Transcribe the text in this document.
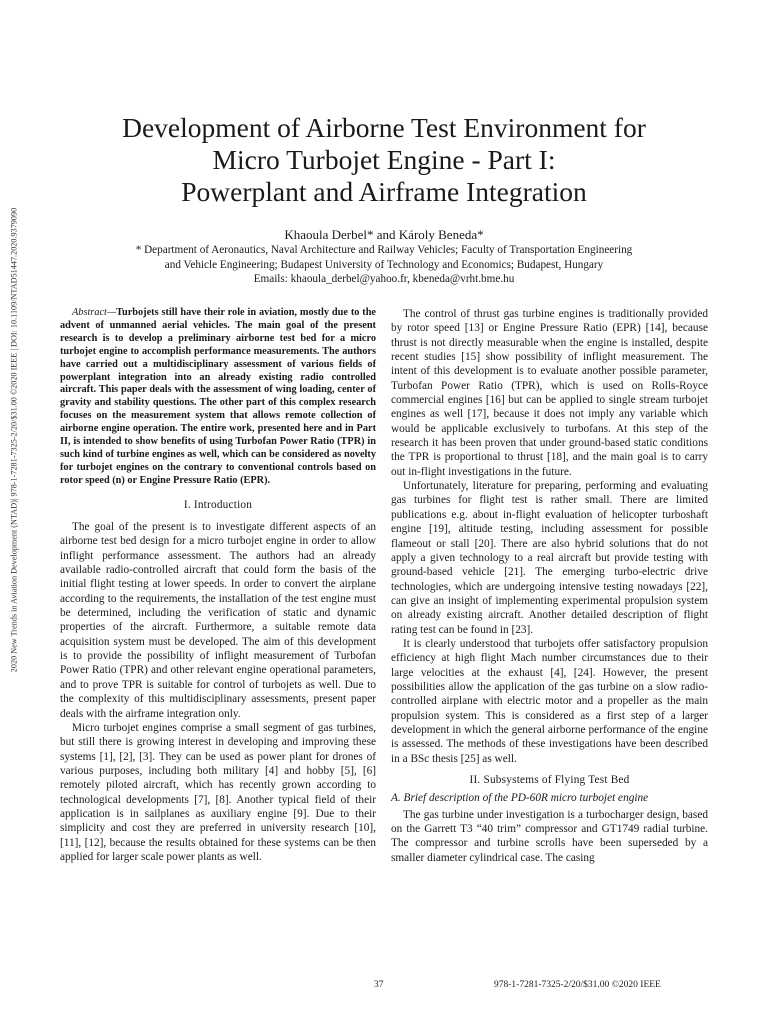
2020 New Trends in Aviation Development (NTAD)| 978-1-7281-7325-2/20/$31.00 ©2020 IEEE | DOI: 10.1109/NTAD51447.2020.9379090
Development of Airborne Test Environment for
Micro Turbojet Engine - Part I:
Powerplant and Airframe Integration
Khaoula Derbel* and Károly Beneda*
* Department of Aeronautics, Naval Architecture and Railway Vehicles; Faculty of Transportation Engineering
and Vehicle Engineering; Budapest University of Technology and Economics; Budapest, Hungary
Emails: khaoula_derbel@yahoo.fr, kbeneda@vrht.bme.hu

Abstract—Turbojets still have their role in aviation, mostly due to the advent of unmanned aerial vehicles. The main goal of the present research is to develop a preliminary airborne test bed for a micro turbojet engine to accomplish performance measurements. The authors have carried out a multidisciplinary assessment of various fields of powerplant integration into an already existing radio controlled aircraft. This paper deals with the assessment of wing loading, center of gravity and stability questions. The other part of this complex research focuses on the measurement system that allows remote collection of airborne engine operation. The entire work, presented here and in Part II, is intended to show benefits of using Turbofan Power Ratio (TPR) in such kind of turbine engines as well, which can be considered as novelty for turbojet engines on the contrary to conventional controls based on rotor speed (n) or Engine Pressure Ratio (EPR).

I. Introduction

The goal of the present is to investigate different aspects of an airborne test bed design for a micro turbojet engine in order to allow inflight performance assessment. The authors had an already available radio-controlled aircraft that could form the basis of the initial flight testing at lower speeds. In order to convert the airplane according to the requirements, the installation of the test engine must be determined, including the verification of static and dynamic properties of the aircraft. Furthermore, a suitable remote data acquisition system must be developed. The aim of this development is to provide the possibility of inflight measurement of Turbofan Power Ratio (TPR) and other relevant engine operational parameters, and to prove TPR is suitable for control of turbojets as well. Due to the complexity of this multidisciplinary assessments, present paper deals with the airframe integration only.

Micro turbojet engines comprise a small segment of gas turbines, but still there is growing interest in developing and improving these systems [1], [2], [3]. They can be used as power plant for drones of various purposes, including both military [4] and hobby [5], [6] remotely piloted aircraft, which has recently grown according to technological developments [7], [8]. Another typical field of their application is in sailplanes as auxiliary engine [9]. Due to their simplicity and cost they are preferred in university research [10], [11], [12], because the results obtained for these systems can be then applied for larger scale power plants as well.

The control of thrust gas turbine engines is traditionally provided by rotor speed [13] or Engine Pressure Ratio (EPR) [14], because thrust is not directly measurable when the engine is installed, despite recent studies [15] show possibility of inflight measurement. The intent of this development is to evaluate another possible parameter, Turbofan Power Ratio (TPR), which is used on Rolls-Royce commercial engines [16] but can be applied to single stream turbojet engines as well [17], because it does not imply any variable which would be applicable exclusively to turbofans. At this step of the research it has been proven that under ground-based static conditions the TPR is proportional to thrust [18], and the main goal is to carry out in-flight investigations in the future.

Unfortunately, literature for preparing, performing and evaluating gas turbines for flight test is rather small. There are limited publications e.g. about in-flight evaluation of helicopter turboshaft engine [19], altitude testing, including assessment for possible flameout or stall [20]. There are also hybrid solutions that do not apply a given technology to a real aircraft but provide testing with ground-based vehicle [21]. The emerging turbo-electric drive technologies, which are undergoing intensive testing nowadays [22], can give an insight of implementing experimental propulsion system on already existing aircraft. Another detailed description of flight rating test can be found in [23].

It is clearly understood that turbojets offer satisfactory propulsion efficiency at high flight Mach number circumstances due to their large velocities at the exhaust [4], [24]. However, the present possibilities allow the application of the gas turbine on a slow radio-controlled airplane with electric motor and a propeller as the main propulsion system. This is considered as a first step of a larger development in which the general airborne performance of the engine is assessed. The methods of these investigations have been described in a BSc thesis [25] as well.

II. Subsystems of Flying Test Bed
A. Brief description of the PD-60R micro turbojet engine

The gas turbine under investigation is a turbocharger design, based on the Garrett T3 “40 trim” compressor and GT1749 radial turbine. The compressor and turbine scrolls have been superseded by a smaller diameter cylindrical case. The casing

37	978-1-7281-7325-2/20/$31.00 ©2020 IEEE
